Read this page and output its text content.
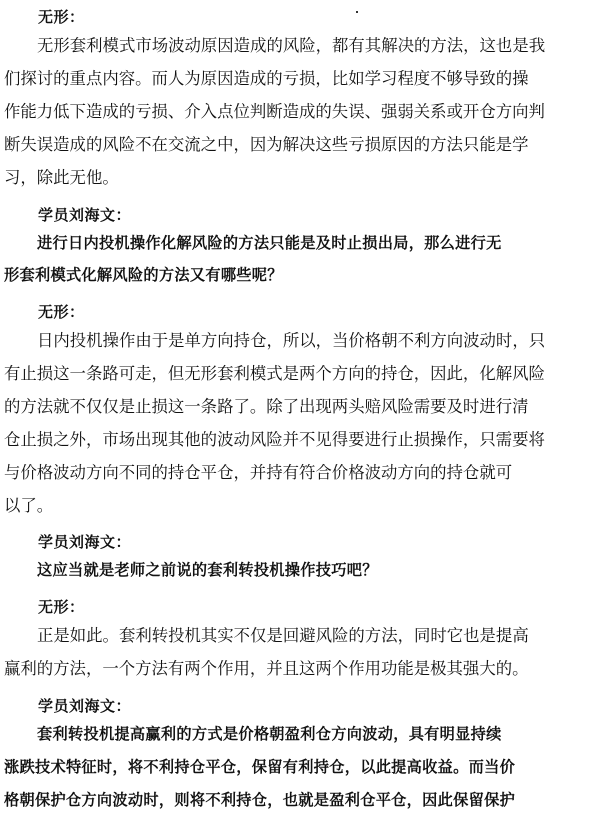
无形：
无形套利模式市场波动原因造成的风险，都有其解决的方法，这也是我
们探讨的重点内容。而人为原因造成的亏损，比如学习程度不够导致的操
作能力低下造成的亏损、介入点位判断造成的失误、强弱关系或开仓方向判
断失误造成的风险不在交流之中，因为解决这些亏损原因的方法只能是学
习，除此无他。
学员刘海文：
进行日内投机操作化解风险的方法只能是及时止损出局，那么进行无
形套利模式化解风险的方法又有哪些呢？
无形：
日内投机操作由于是单方向持仓，所以，当价格朝不利方向波动时，只
有止损这一条路可走，但无形套利模式是两个方向的持仓，因此，化解风险
的方法就不仅仅是止损这一条路了。除了出现两头赔风险需要及时进行清
仓止损之外，市场出现其他的波动风险并不见得要进行止损操作，只需要将
与价格波动方向不同的持仓平仓，并持有符合价格波动方向的持仓就可
以了。
学员刘海文：
这应当就是老师之前说的套利转投机操作技巧吧？
无形：
正是如此。套利转投机其实不仅是回避风险的方法，同时它也是提高
赢利的方法，一个方法有两个作用，并且这两个作用功能是极其强大的。
学员刘海文：
套利转投机提高赢利的方式是价格朝盈利仓方向波动，具有明显持续
涨跌技术特征时，将不利持仓平仓，保留有利持仓，以此提高收益。而当价
格朝保护仓方向波动时，则将不利持仓，也就是盈利仓平仓，因此保留保护
